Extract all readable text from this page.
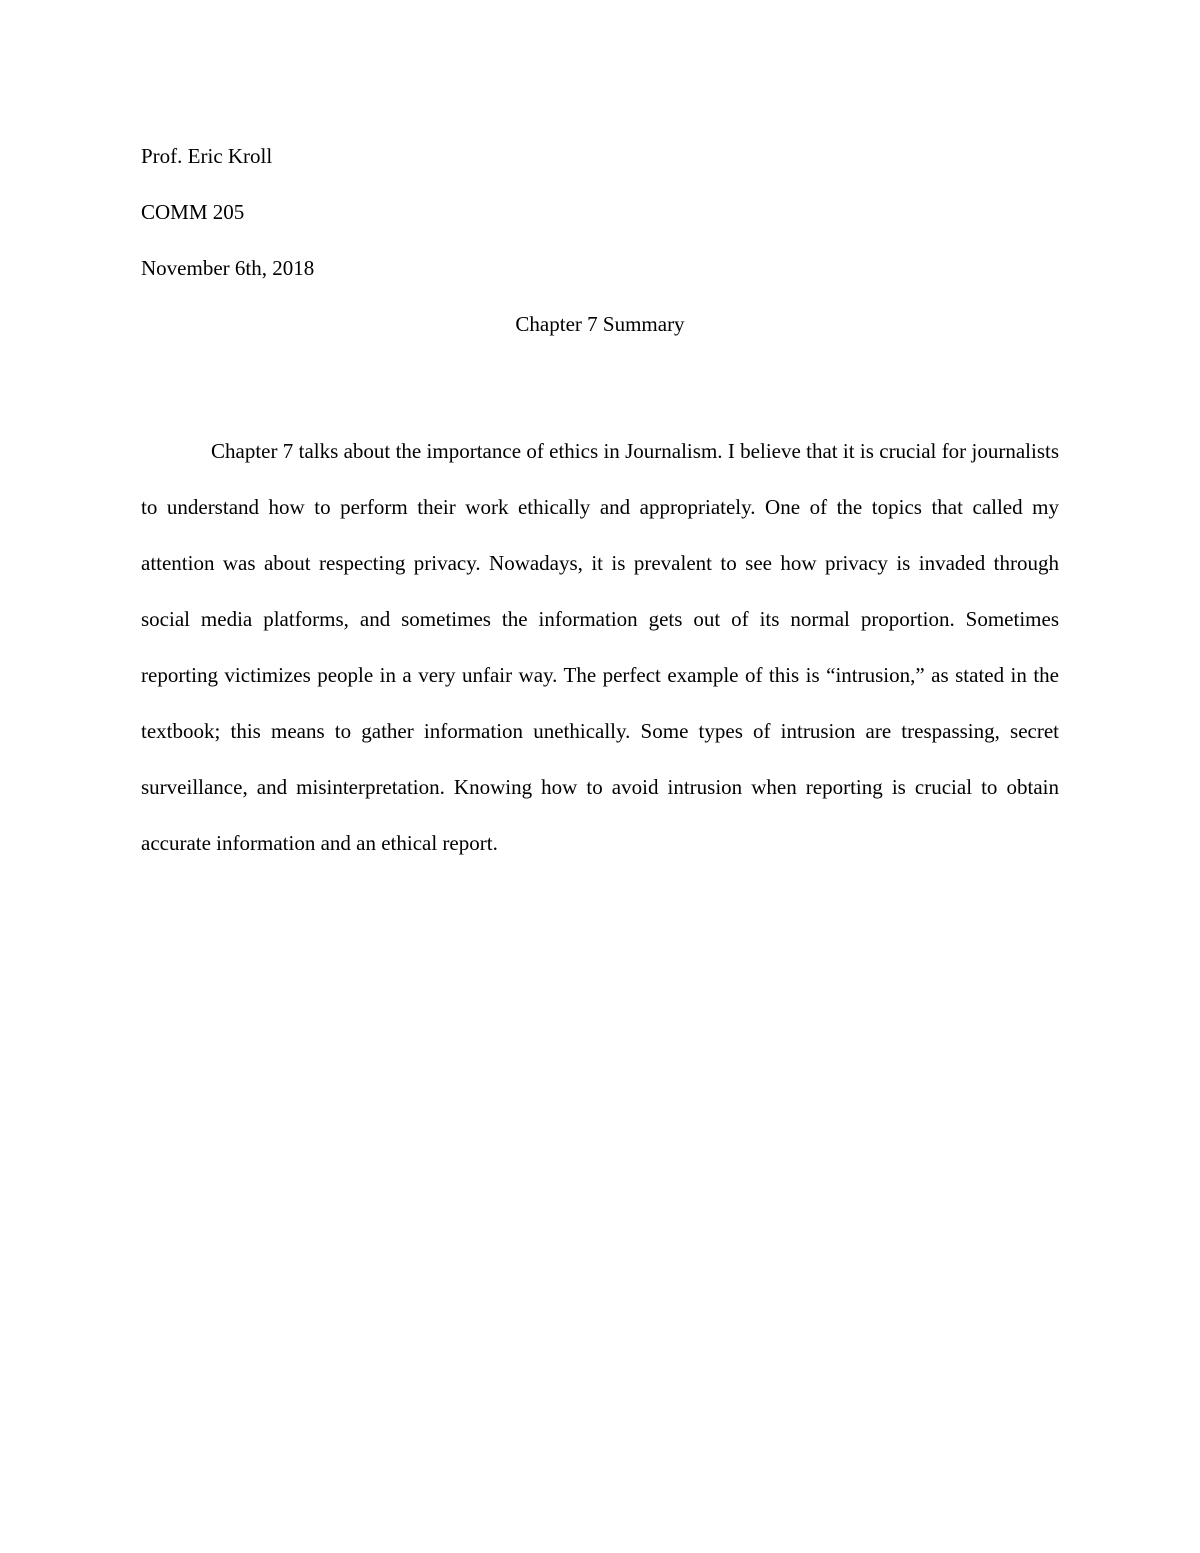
Prof. Eric Kroll
COMM 205
November 6th, 2018
Chapter 7 Summary

Chapter 7 talks about the importance of ethics in Journalism. I believe that it is crucial for journalists to understand how to perform their work ethically and appropriately. One of the topics that called my attention was about respecting privacy. Nowadays, it is prevalent to see how privacy is invaded through social media platforms, and sometimes the information gets out of its normal proportion. Sometimes reporting victimizes people in a very unfair way. The perfect example of this is “intrusion,” as stated in the textbook; this means to gather information unethically. Some types of intrusion are trespassing, secret surveillance, and misinterpretation. Knowing how to avoid intrusion when reporting is crucial to obtain accurate information and an ethical report.
